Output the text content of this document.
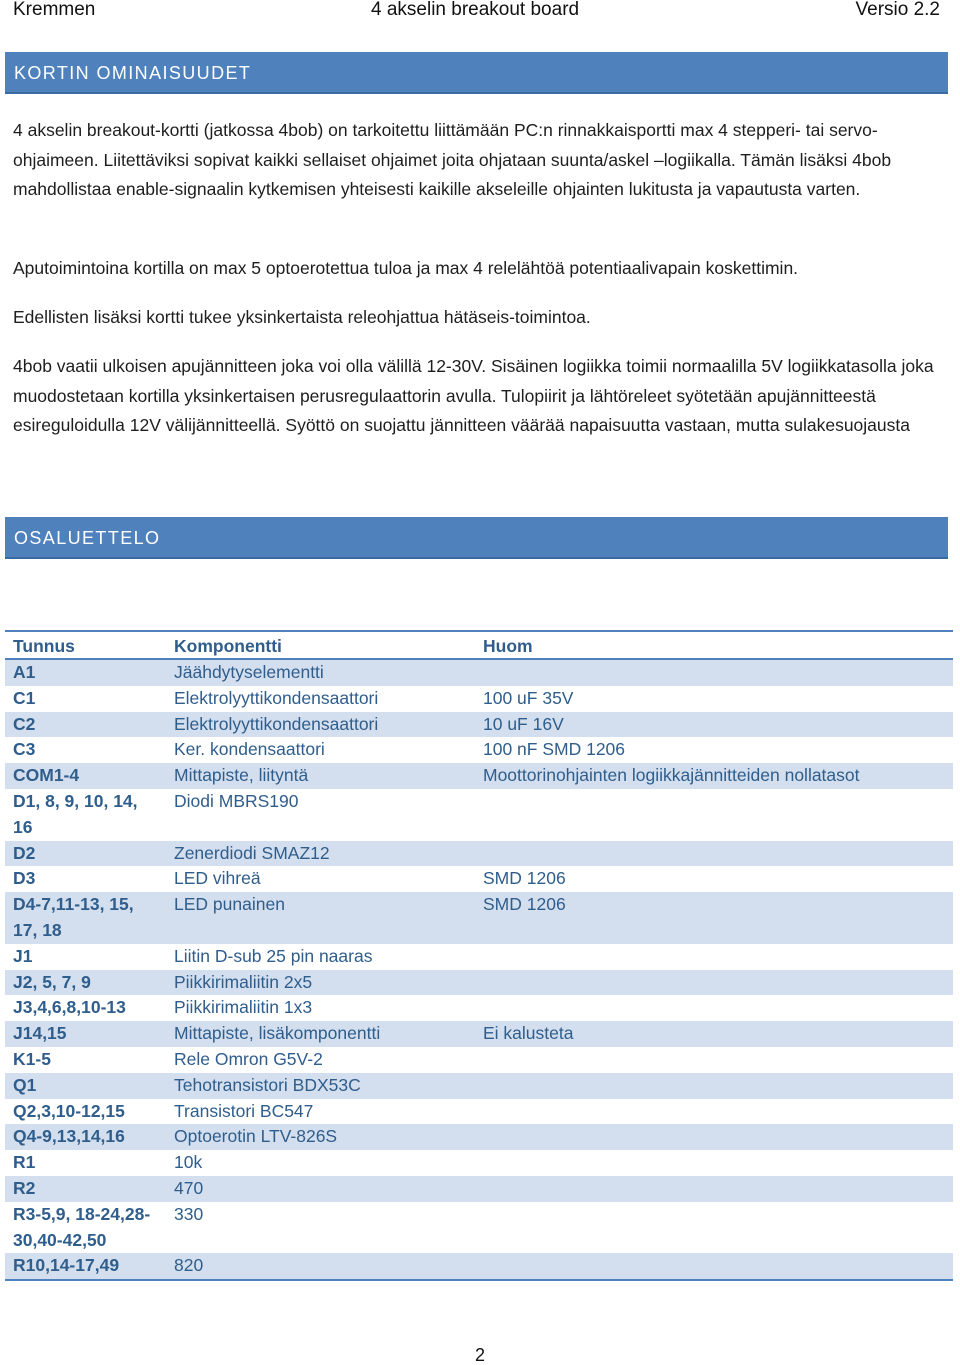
Kremmen	4 akselin breakout board	Versio 2.2
KORTIN OMINAISUUDET

4 akselin breakout-kortti (jatkossa 4bob) on tarkoitettu liittämään PC:n rinnakkaisportti max 4 stepperi- tai servo-ohjaimeen. Liitettäviksi sopivat kaikki sellaiset ohjaimet joita ohjataan suunta/askel –logiikalla. Tämän lisäksi 4bob mahdollistaa enable-signaalin kytkemisen yhteisesti kaikille akseleille ohjainten lukitusta ja vapautusta varten.

Aputoimintoina kortilla on max 5 optoerotettua tuloa ja max 4 relelähtöä potentiaalivapain koskettimin.

Edellisten lisäksi kortti tukee yksinkertaista releohjattua hätäseis-toimintoa.

4bob vaatii ulkoisen apujännitteen joka voi olla välillä 12-30V. Sisäinen logiikka toimii normaalilla 5V logiikkatasolla joka muodostetaan kortilla yksinkertaisen perusregulaattorin avulla. Tulopiirit ja lähtöreleet syötetään apujännitteestä esireguloidulla 12V välijännitteellä. Syöttö on suojattu jännitteen väärää napaisuutta vastaan, mutta sulakesuojausta

OSALUETTELO
Tunnus	Komponentti	Huom
A1	Jäähdytyselementti	
C1	Elektrolyyttikondensaattori	100 uF 35V
C2	Elektrolyyttikondensaattori	10 uF 16V
C3	Ker. kondensaattori	100 nF SMD 1206
COM1-4	Mittapiste, liityntä	Moottorinohjainten logiikkajännitteiden nollatasot
D1, 8, 9, 10, 14, 16	Diodi MBRS190	
D2	Zenerdiodi SMAZ12	
D3	LED vihreä	SMD 1206
D4-7,11-13, 15, 17, 18	LED punainen	SMD 1206
J1	Liitin D-sub 25 pin naaras	
J2, 5, 7, 9	Piikkirimaliitin 2x5	
J3,4,6,8,10-13	Piikkirimaliitin 1x3	
J14,15	Mittapiste, lisäkomponentti	Ei kalusteta
K1-5	Rele Omron G5V-2	
Q1	Tehotransistori BDX53C	
Q2,3,10-12,15	Transistori BC547	
Q4-9,13,14,16	Optoerotin LTV-826S	
R1	10k	
R2	470	
R3-5,9, 18-24,28-30,40-42,50	330	
R10,14-17,49	820	
2
